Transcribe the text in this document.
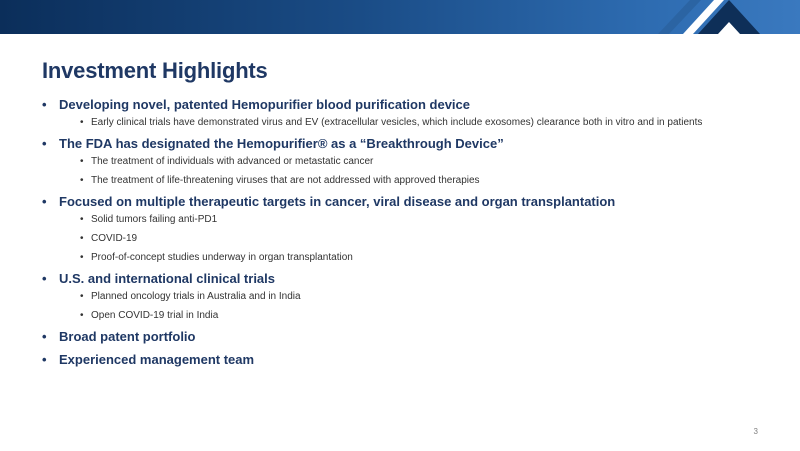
Investment Highlights
• Developing novel, patented Hemopurifier blood purification device
• Early clinical trials have demonstrated virus and EV (extracellular vesicles, which include exosomes) clearance both in vitro and in patients
• The FDA has designated the Hemopurifier® as a “Breakthrough Device”
• The treatment of individuals with advanced or metastatic cancer
• The treatment of life-threatening viruses that are not addressed with approved therapies
• Focused on multiple therapeutic targets in cancer, viral disease and organ transplantation
• Solid tumors failing anti-PD1
• COVID-19
• Proof-of-concept studies underway in organ transplantation
• U.S. and international clinical trials
• Planned oncology trials in Australia and in India
• Open COVID-19 trial in India
• Broad patent portfolio
• Experienced management team
3
